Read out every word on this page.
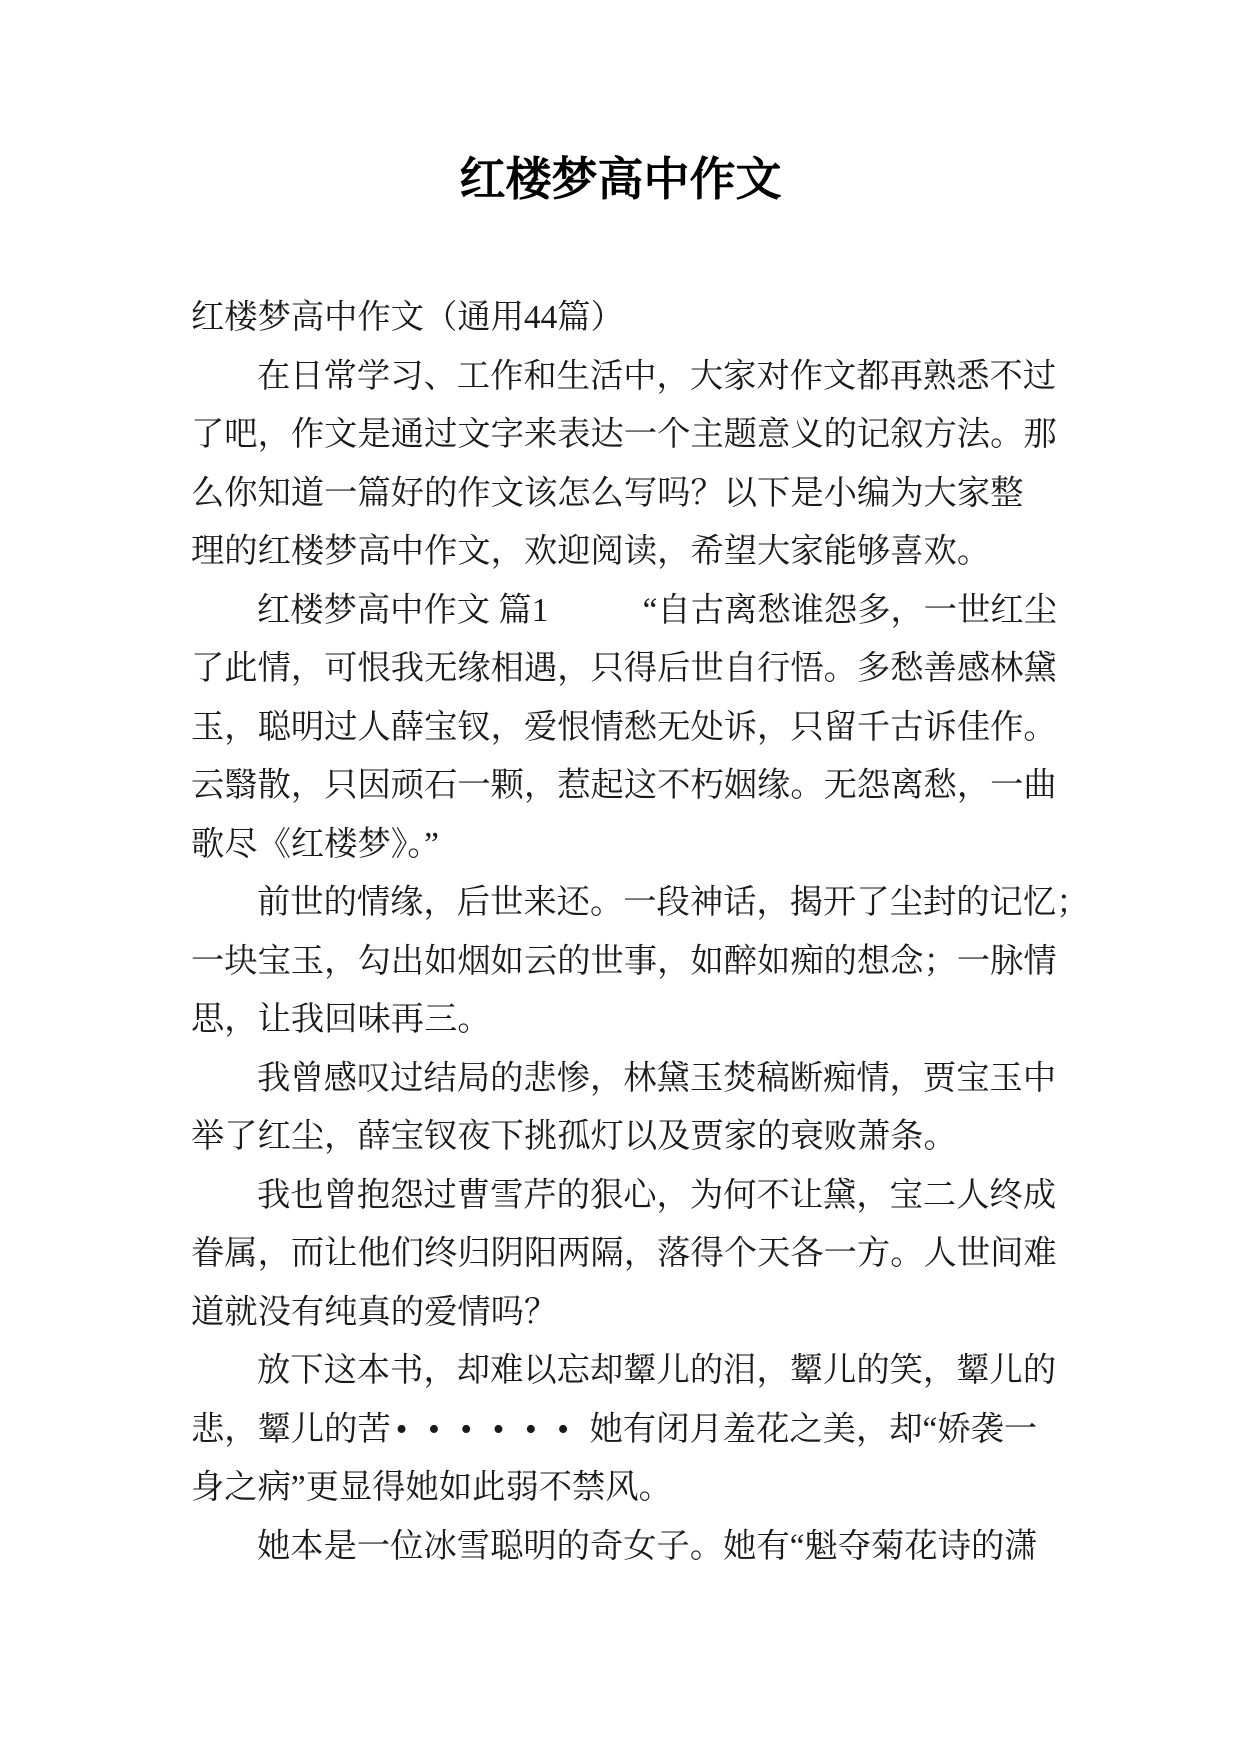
红楼梦高中作文
红楼梦高中作文（通用44篇）
在日常学习、工作和生活中，大家对作文都再熟悉不过
了吧，作文是通过文字来表达一个主题意义的记叙方法。那
么你知道一篇好的作文该怎么写吗？以下是小编为大家整
理的红楼梦高中作文，欢迎阅读，希望大家能够喜欢。
红楼梦高中作文 篇1	“自古离愁谁怨多，一世红尘
了此情，可恨我无缘相遇，只得后世自行悟。多愁善感林黛
玉，聪明过人薛宝钗，爱恨情愁无处诉，只留千古诉佳作。
云翳散，只因顽石一颗，惹起这不朽姻缘。无怨离愁，一曲
歌尽《红楼梦》。”
前世的情缘，后世来还。一段神话，揭开了尘封的记忆；
一块宝玉，勾出如烟如云的世事，如醉如痴的想念；一脉情
思，让我回味再三。
我曾感叹过结局的悲惨，林黛玉焚稿断痴情，贾宝玉中
举了红尘，薛宝钗夜下挑孤灯以及贾家的衰败萧条。
我也曾抱怨过曹雪芹的狠心，为何不让黛，宝二人终成
眷属，而让他们终归阴阳两隔，落得个天各一方。人世间难
道就没有纯真的爱情吗？
放下这本书，却难以忘却颦儿的泪，颦儿的笑，颦儿的
悲，颦儿的苦 ••••••她有闭月羞花之美，却“娇袭一
身之病”更显得她如此弱不禁风。
她本是一位冰雪聪明的奇女子。她有“魁夺菊花诗的潇
